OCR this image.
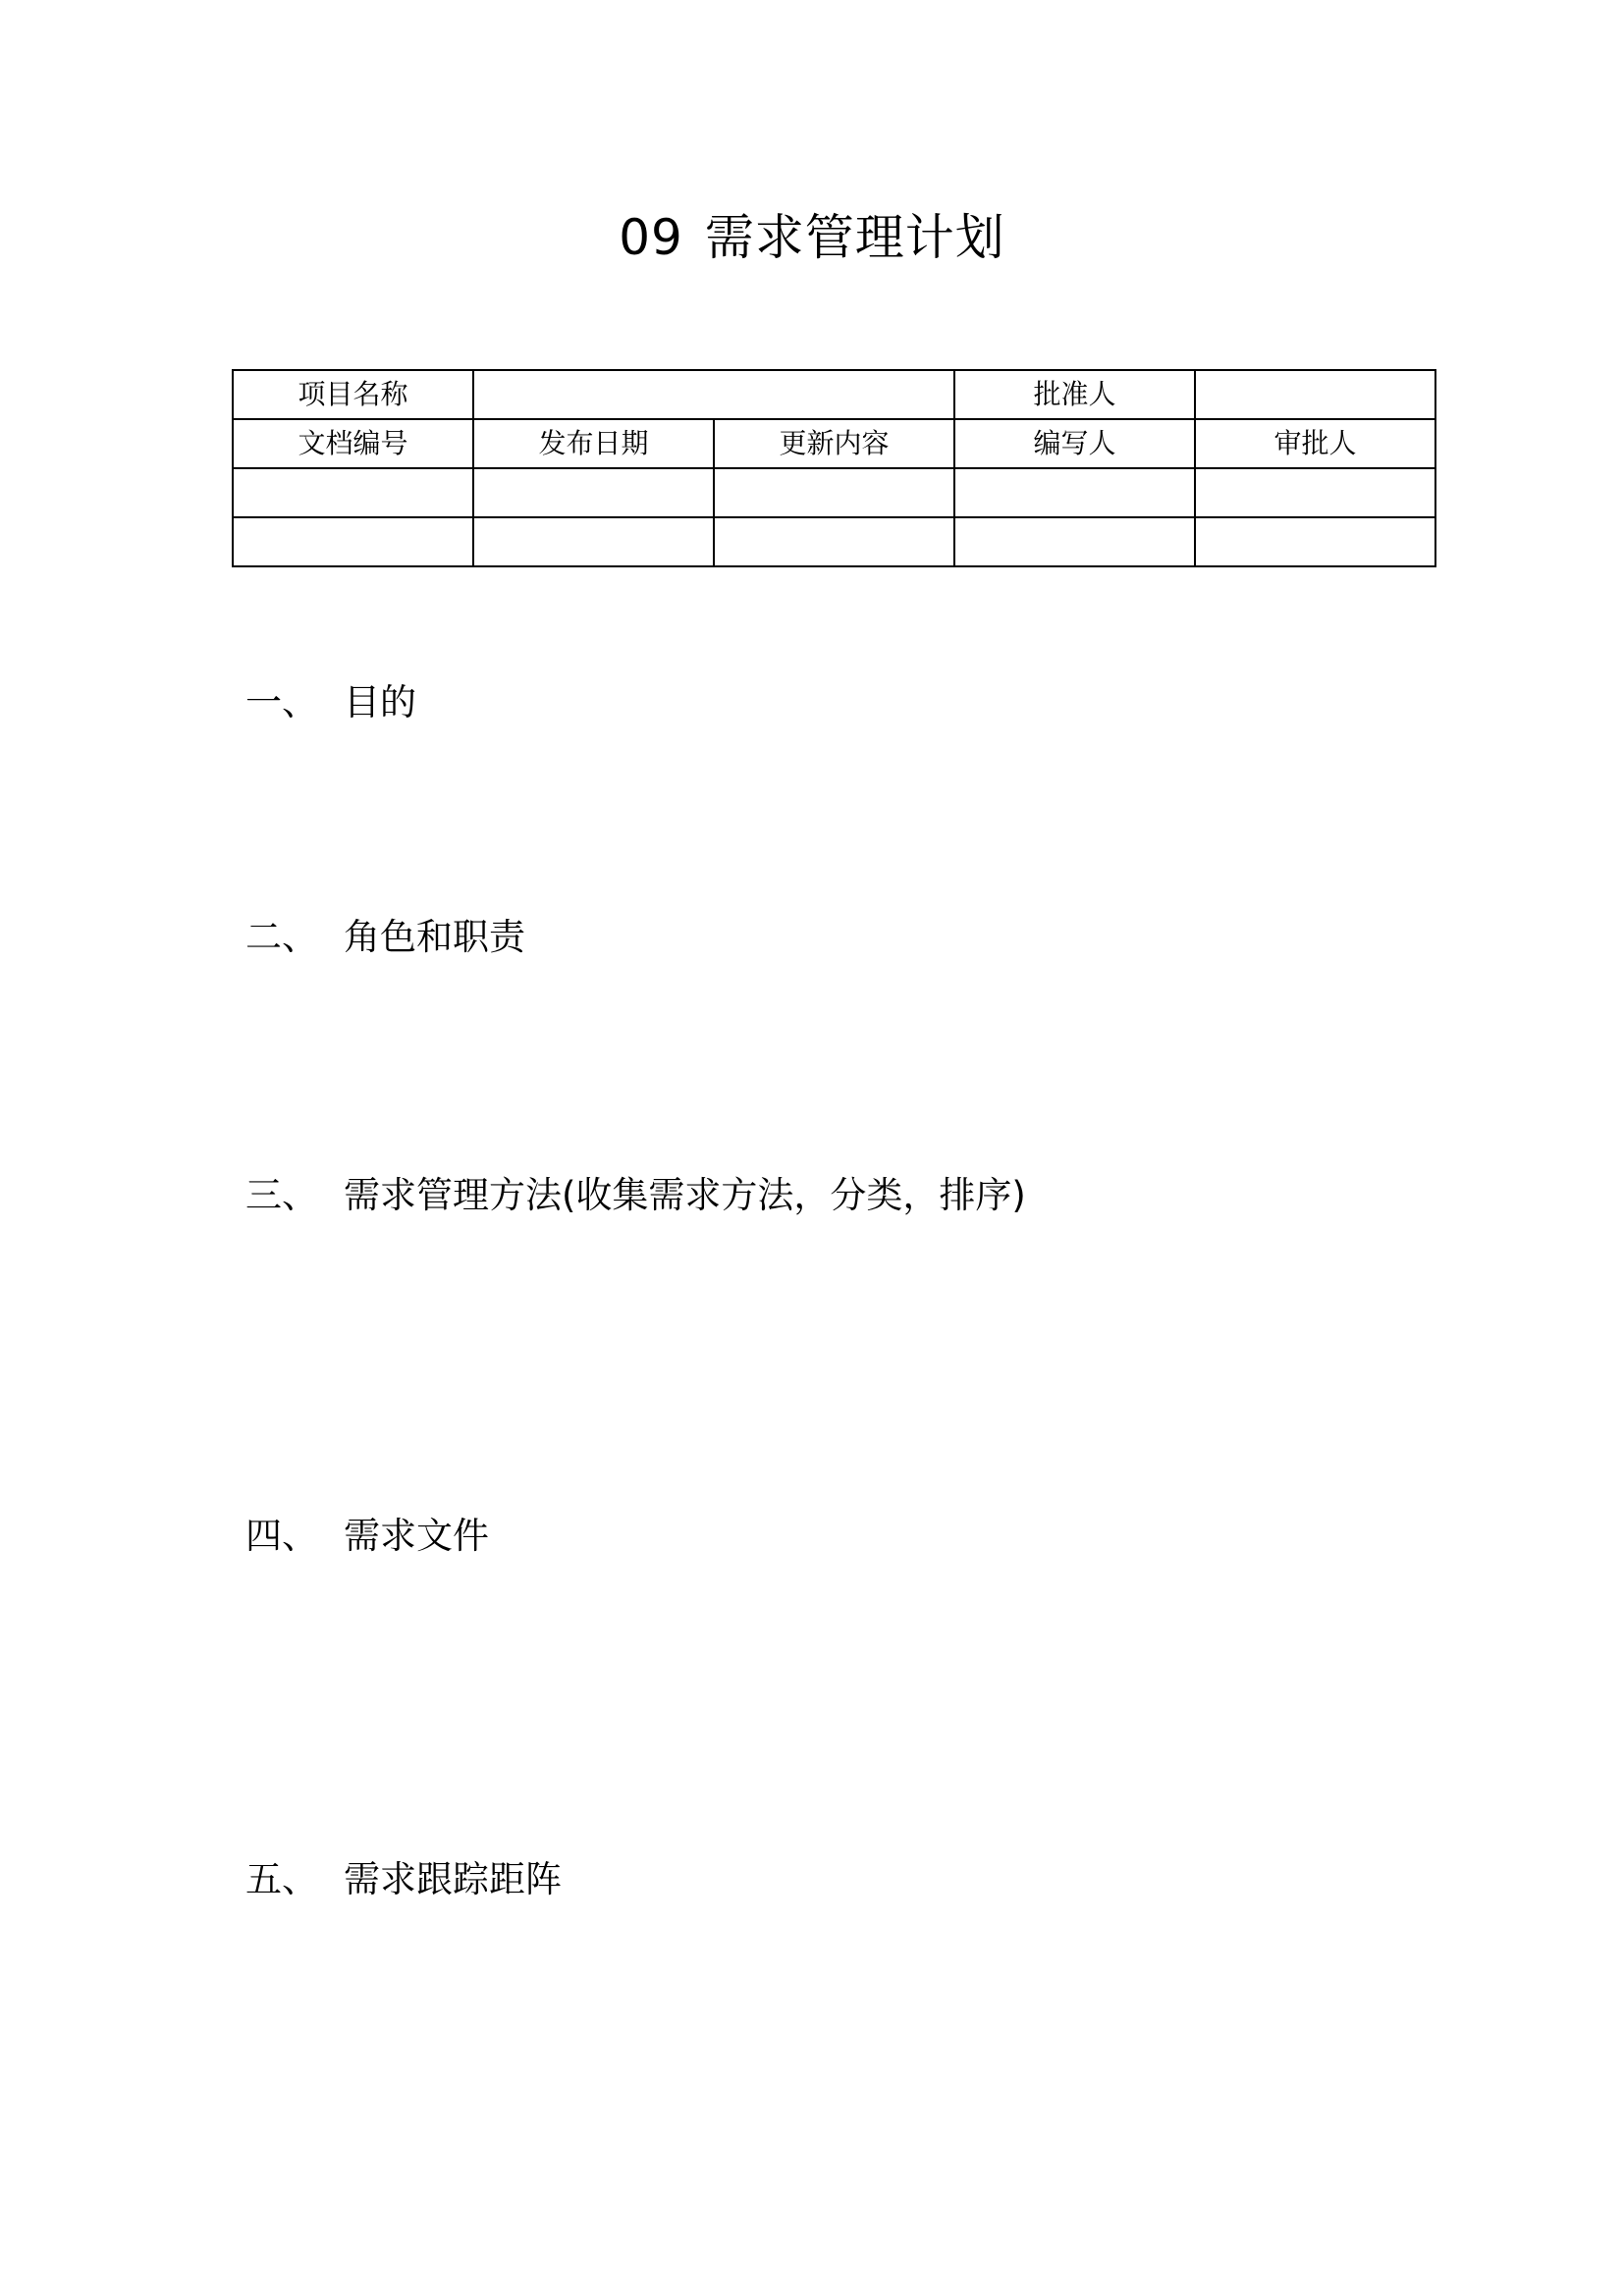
09 需求管理计划
项目名称			批准人	
文档编号	发布日期	更新内容	编写人	审批人

一、 目的
二、 角色和职责
三、 需求管理方法(收集需求方法，分类，排序)
四、 需求文件
五、 需求跟踪距阵
